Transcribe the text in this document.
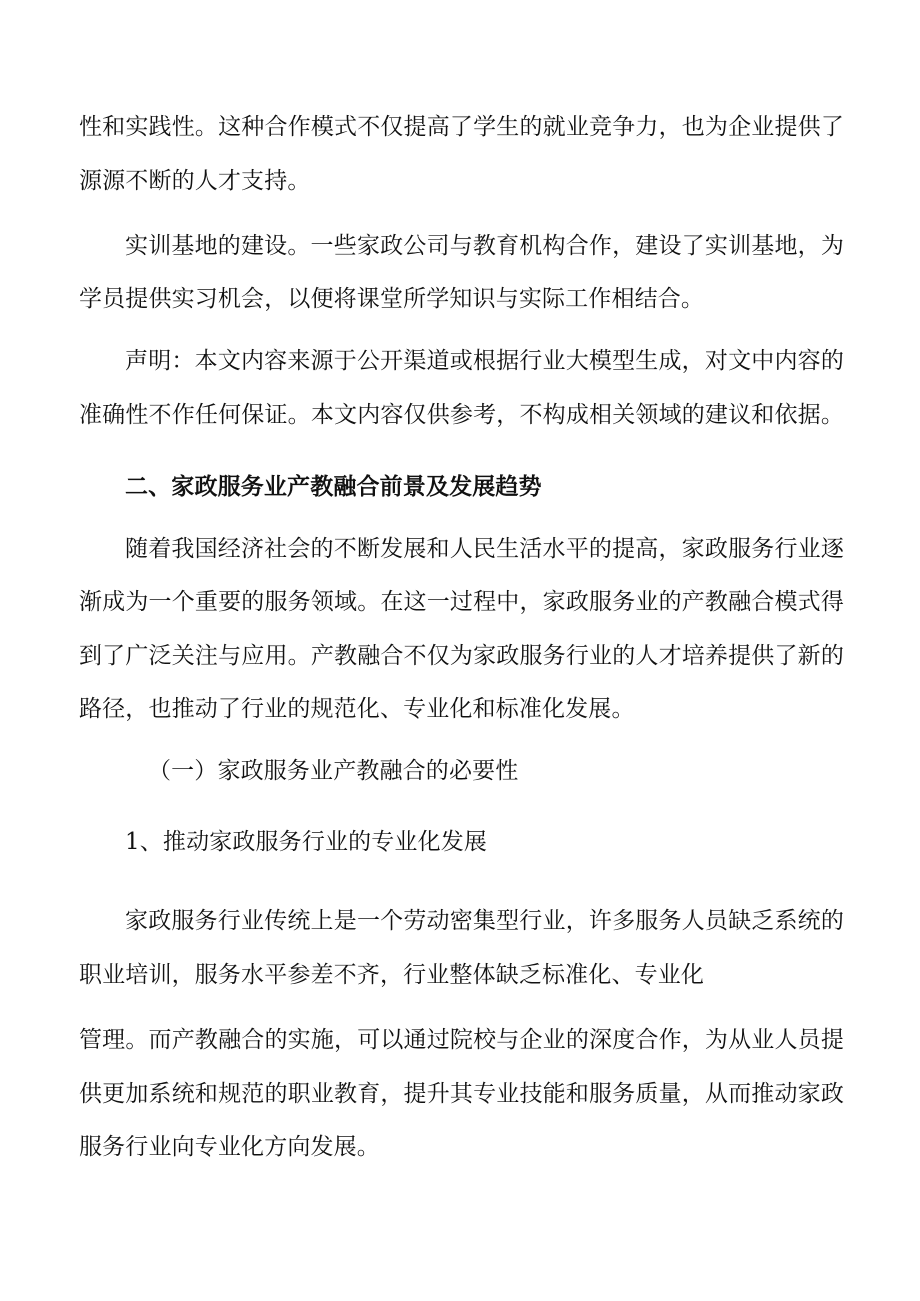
性和实践性。这种合作模式不仅提高了学生的就业竞争力，也为企业提供了
源源不断的人才支持。
实训基地的建设。一些家政公司与教育机构合作，建设了实训基地，为
学员提供实习机会，以便将课堂所学知识与实际工作相结合。
声明：本文内容来源于公开渠道或根据行业大模型生成，对文中内容的
准确性不作任何保证。本文内容仅供参考，不构成相关领域的建议和依据。
二、家政服务业产教融合前景及发展趋势
随着我国经济社会的不断发展和人民生活水平的提高，家政服务行业逐
渐成为一个重要的服务领域。在这一过程中，家政服务业的产教融合模式得
到了广泛关注与应用。产教融合不仅为家政服务行业的人才培养提供了新的
路径，也推动了行业的规范化、专业化和标准化发展。
（一）家政服务业产教融合的必要性
1、推动家政服务行业的专业化发展
家政服务行业传统上是一个劳动密集型行业，许多服务人员缺乏系统的
职业培训，服务水平参差不齐，行业整体缺乏标准化、专业化
管理。而产教融合的实施，可以通过院校与企业的深度合作，为从业人员提
供更加系统和规范的职业教育，提升其专业技能和服务质量，从而推动家政
服务行业向专业化方向发展。
